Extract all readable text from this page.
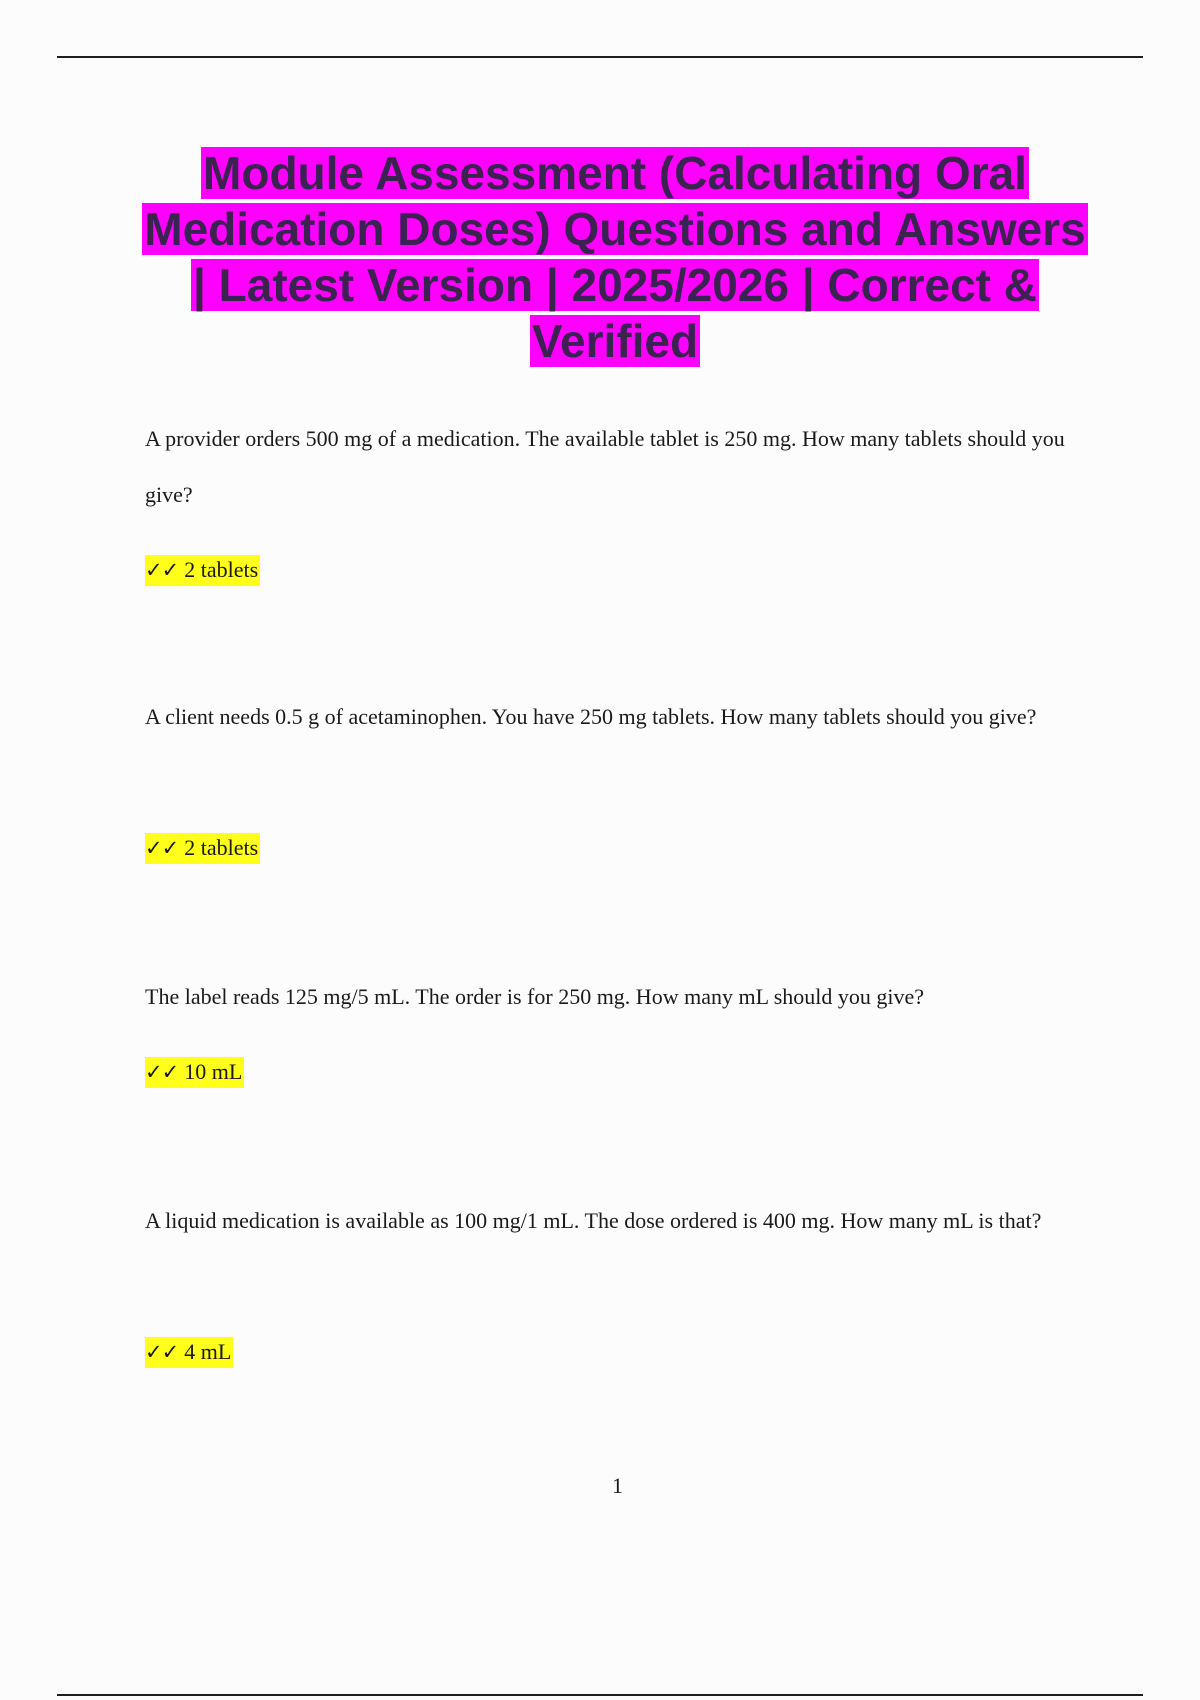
Module Assessment (Calculating Oral Medication Doses) Questions and Answers | Latest Version | 2025/2026 | Correct & Verified

A provider orders 500 mg of a medication. The available tablet is 250 mg. How many tablets should you give?

✓✓ 2 tablets

A client needs 0.5 g of acetaminophen. You have 250 mg tablets. How many tablets should you give?

✓✓ 2 tablets

The label reads 125 mg/5 mL. The order is for 250 mg. How many mL should you give?

✓✓ 10 mL

A liquid medication is available as 100 mg/1 mL. The dose ordered is 400 mg. How many mL is that?

✓✓ 4 mL

1
